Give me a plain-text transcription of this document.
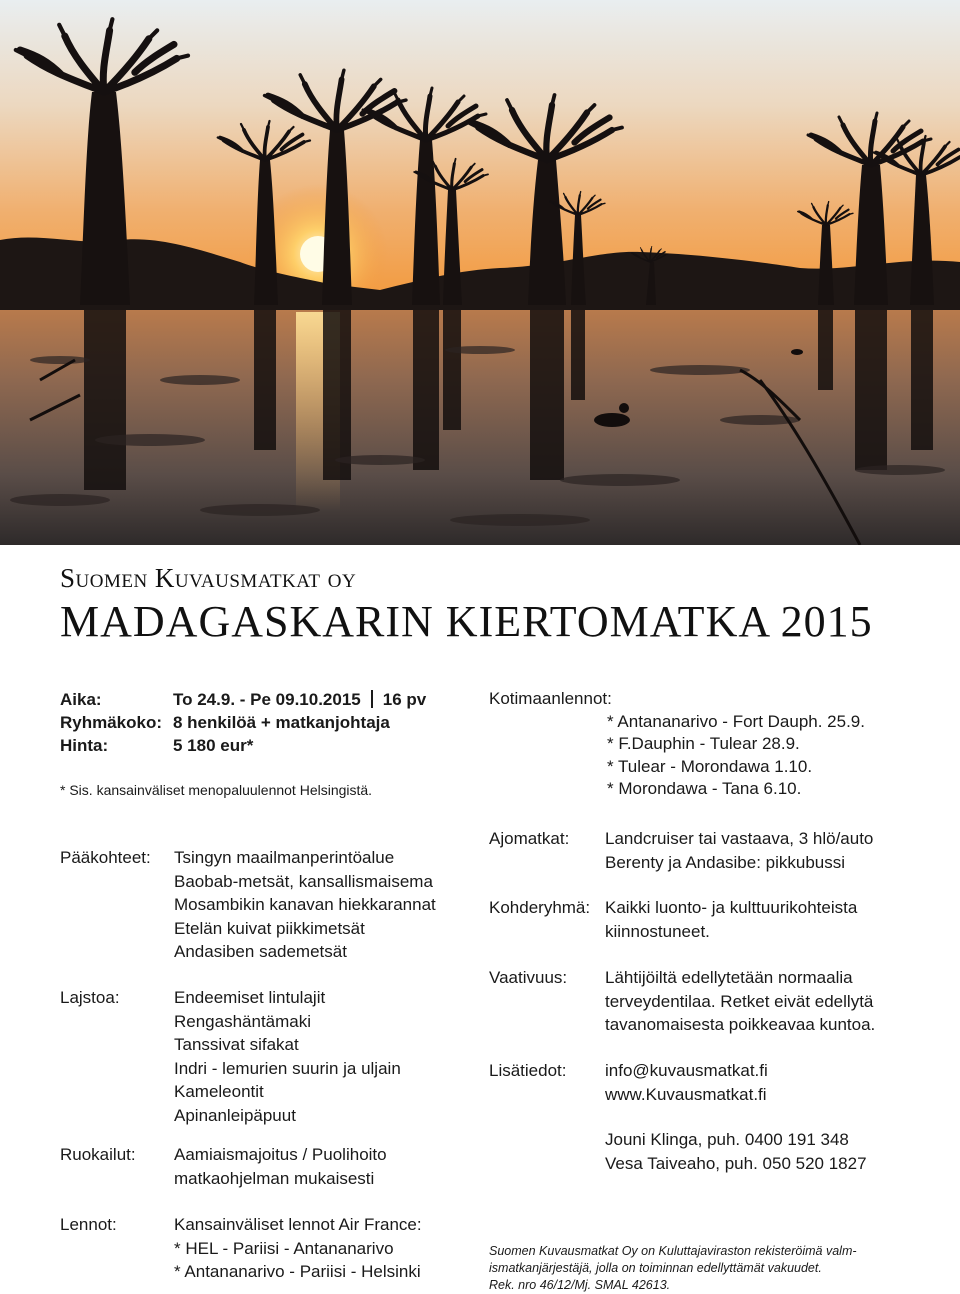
Suomen Kuvausmatkat oy
MADAGASKARIN KIERTOMATKA 2015
Aika:	To 24.9. - Pe 09.10.2015 16 pv
Ryhmäkoko: 8 henkilöä + matkanjohtaja
Hinta:	5 180 eur*
* Sis. kansainväliset menopaluulennot Helsingistä.
Kotimaanlennot:
* Antananarivo - Fort Dauph. 25.9.
* F.Dauphin - Tulear 28.9.
* Tulear - Morondawa 1.10.
* Morondawa - Tana 6.10.
Pääkohteet: Tsingyn maailmanperintöalue
Baobab-metsät, kansallismaisema
Mosambikin kanavan hiekkarannat
Etelän kuivat piikkimetsät
Andasiben sademetsät
Lajstoa:	Endeemiset lintulajit
Rengashäntämaki
Tanssivat sifakat
Indri - lemurien suurin ja uljain
Kameleontit
Apinanleipäpuut
Ruokailut: Aamiaismajoitus / Puolihoito
matkaohjelman mukaisesti
Lennot:	Kansainväliset lennot Air France:
* HEL - Pariisi - Antananarivo
* Antananarivo - Pariisi - Helsinki
Ajomatkat: Landcruiser tai vastaava, 3 hlö/auto
Berenty ja Andasibe: pikkubussi
Kohderyhmä: Kaikki luonto- ja kulttuurikohteista
kiinnostuneet.
Vaativuus: Lähtijöiltä edellytetään normaalia
terveydentilaa. Retket eivät edellytä
tavanomaisesta poikkeavaa kuntoa.
Lisätiedot: info@kuvausmatkat.fi
www.Kuvausmatkat.fi
Jouni Klinga, puh. 0400 191 348
Vesa Taiveaho, puh. 050 520 1827
Suomen Kuvausmatkat Oy on Kuluttajaviraston rekisteröimä valm-
ismatkanjärjestäjä, jolla on toiminnan edellyttämät vakuudet.
Rek. nro 46/12/Mj. SMAL 42613.
